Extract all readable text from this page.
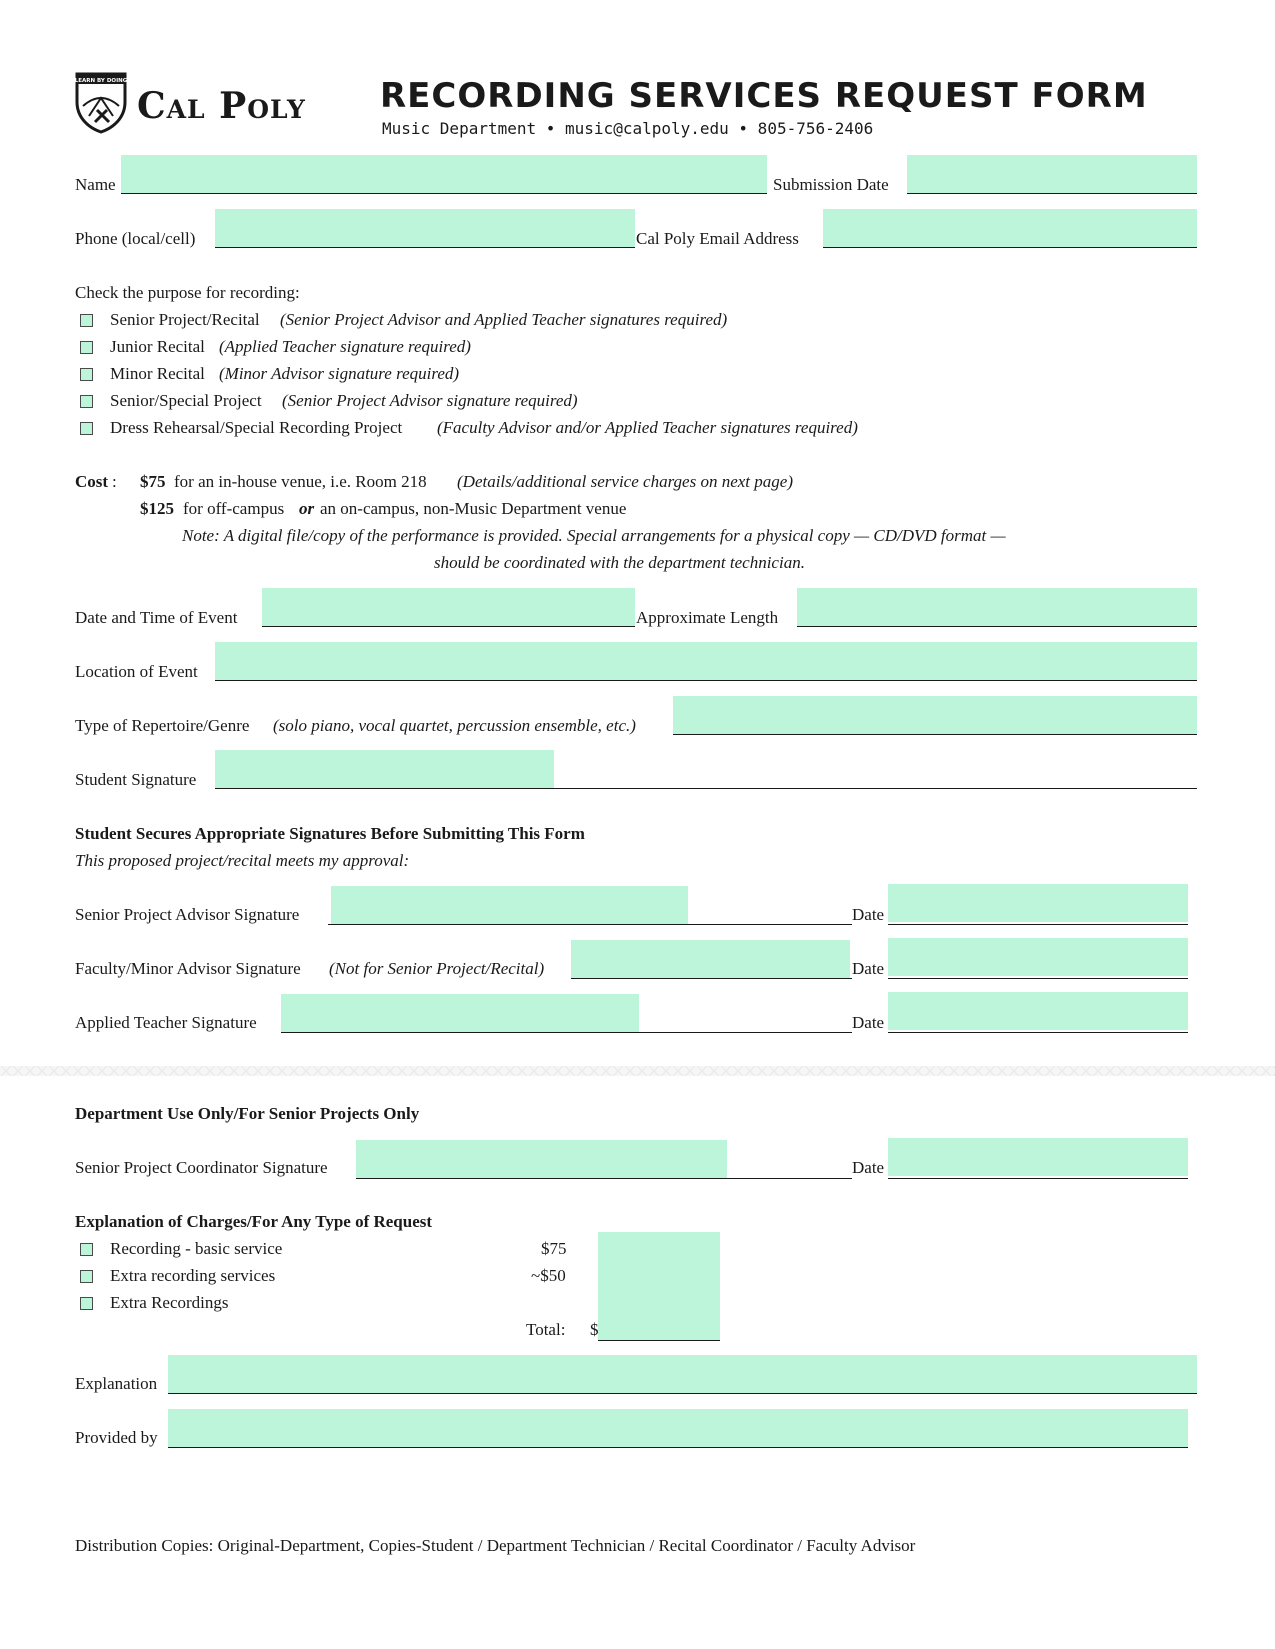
LEARN BY DOING
Cal Poly RECORDING SERVICES REQUEST FORM
Music Department • music@calpoly.edu • 805-756-2406
Name	Submission Date
Phone (local/cell)	Cal Poly Email Address
Check the purpose for recording:
Senior Project/Recital (Senior Project Advisor and Applied Teacher signatures required)
Junior Recital (Applied Teacher signature required)
Minor Recital (Minor Advisor signature required)
Senior/Special Project (Senior Project Advisor signature required)
Dress Rehearsal/Special Recording Project (Faculty Advisor and/or Applied Teacher signatures required)
Cost : $75 for an in-house venue, i.e. Room 218 (Details/additional service charges on next page)
$125 for off-campus or an on-campus, non-Music Department venue
Note: A digital file/copy of the performance is provided. Special arrangements for a physical copy — CD/DVD format —
should be coordinated with the department technician.
Date and Time of Event	Approximate Length
Location of Event
Type of Repertoire/Genre (solo piano, vocal quartet, percussion ensemble, etc.)
Student Signature
Student Secures Appropriate Signatures Before Submitting This Form
This proposed project/recital meets my approval:
Senior Project Advisor Signature	Date
Faculty/Minor Advisor Signature (Not for Senior Project/Recital)	Date
Applied Teacher Signature	Date
Department Use Only/For Senior Projects Only
Senior Project Coordinator Signature	Date
Explanation of Charges/For Any Type of Request
Recording - basic service	$75
Extra recording services	~$50
Extra Recordings
Total: $
Explanation
Provided by
Distribution Copies: Original-Department, Copies-Student / Department Technician / Recital Coordinator / Faculty Advisor
